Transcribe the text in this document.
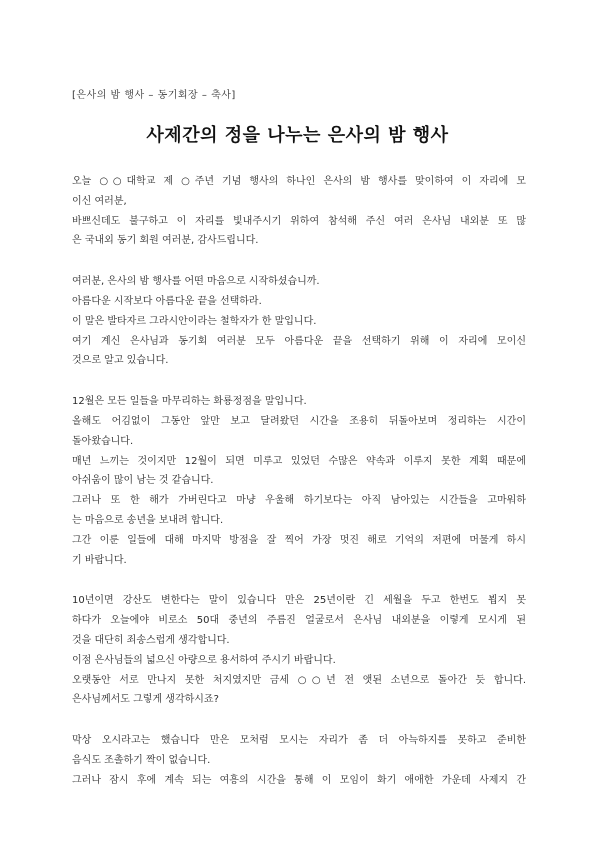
[은사의 밤 행사 – 동기회장 – 축사]
사제간의 정을 나누는 은사의 밤 행사
오늘 ○○대학교 제 ○주년 기념 행사의 하나인 은사의 밤 행사를 맞이하여 이 자리에 모
이신 여러분,
바쁘신데도 불구하고 이 자리를 빛내주시기 위하여 참석해 주신 여러 은사님 내외분 또 많
은 국내외 동기 회원 여러분, 감사드립니다.
여러분, 은사의 밤 행사를 어떤 마음으로 시작하셨습니까.
아름다운 시작보다 아름다운 끝을 선택하라.
이 말은 발타자르 그라시안이라는 철학자가 한 말입니다.
여기 계신 은사님과 동기회 여러분 모두 아름다운 끝을 선택하기 위해 이 자리에 모이신
것으로 알고 있습니다.
12월은 모든 일들을 마무리하는 화룡정점을 말입니다.
올해도 어김없이 그동안 앞만 보고 달려왔던 시간을 조용히 뒤돌아보며 정리하는 시간이
돌아왔습니다.
매년 느끼는 것이지만 12월이 되면 미루고 있었던 수많은 약속과 이루지 못한 계획 때문에
아쉬움이 많이 남는 것 같습니다.
그러나 또 한 해가 가버린다고 마냥 우울해 하기보다는 아직 남아있는 시간들을 고마워하
는 마음으로 송년을 보내려 합니다.
그간 이룬 일들에 대해 마지막 방점을 잘 찍어 가장 멋진 해로 기억의 저편에 머물게 하시
기 바랍니다.
10년이면 강산도 변한다는 말이 있습니다 만은 25년이란 긴 세월을 두고 한번도 뵙지 못
하다가 오늘에야 비로소 50대 중년의 주름진 얼굴로서 은사님 내외분을 이렇게 모시게 된
것을 대단히 죄송스럽게 생각합니다.
이점 은사님들의 넓으신 아량으로 용서하여 주시기 바랍니다.
오랫동안 서로 만나지 못한 처지였지만 금세 ○○년 전 앳된 소년으로 돌아간 듯 합니다.
은사님께서도 그렇게 생각하시죠?
막상 오시라고는 했습니다 만은 모처럼 모시는 자리가 좀 더 아늑하지를 못하고 준비한
음식도 조촐하기 짝이 없습니다.
그러나 잠시 후에 계속 되는 여흥의 시간을 통해 이 모임이 화기 애애한 가운데 사제지 간
